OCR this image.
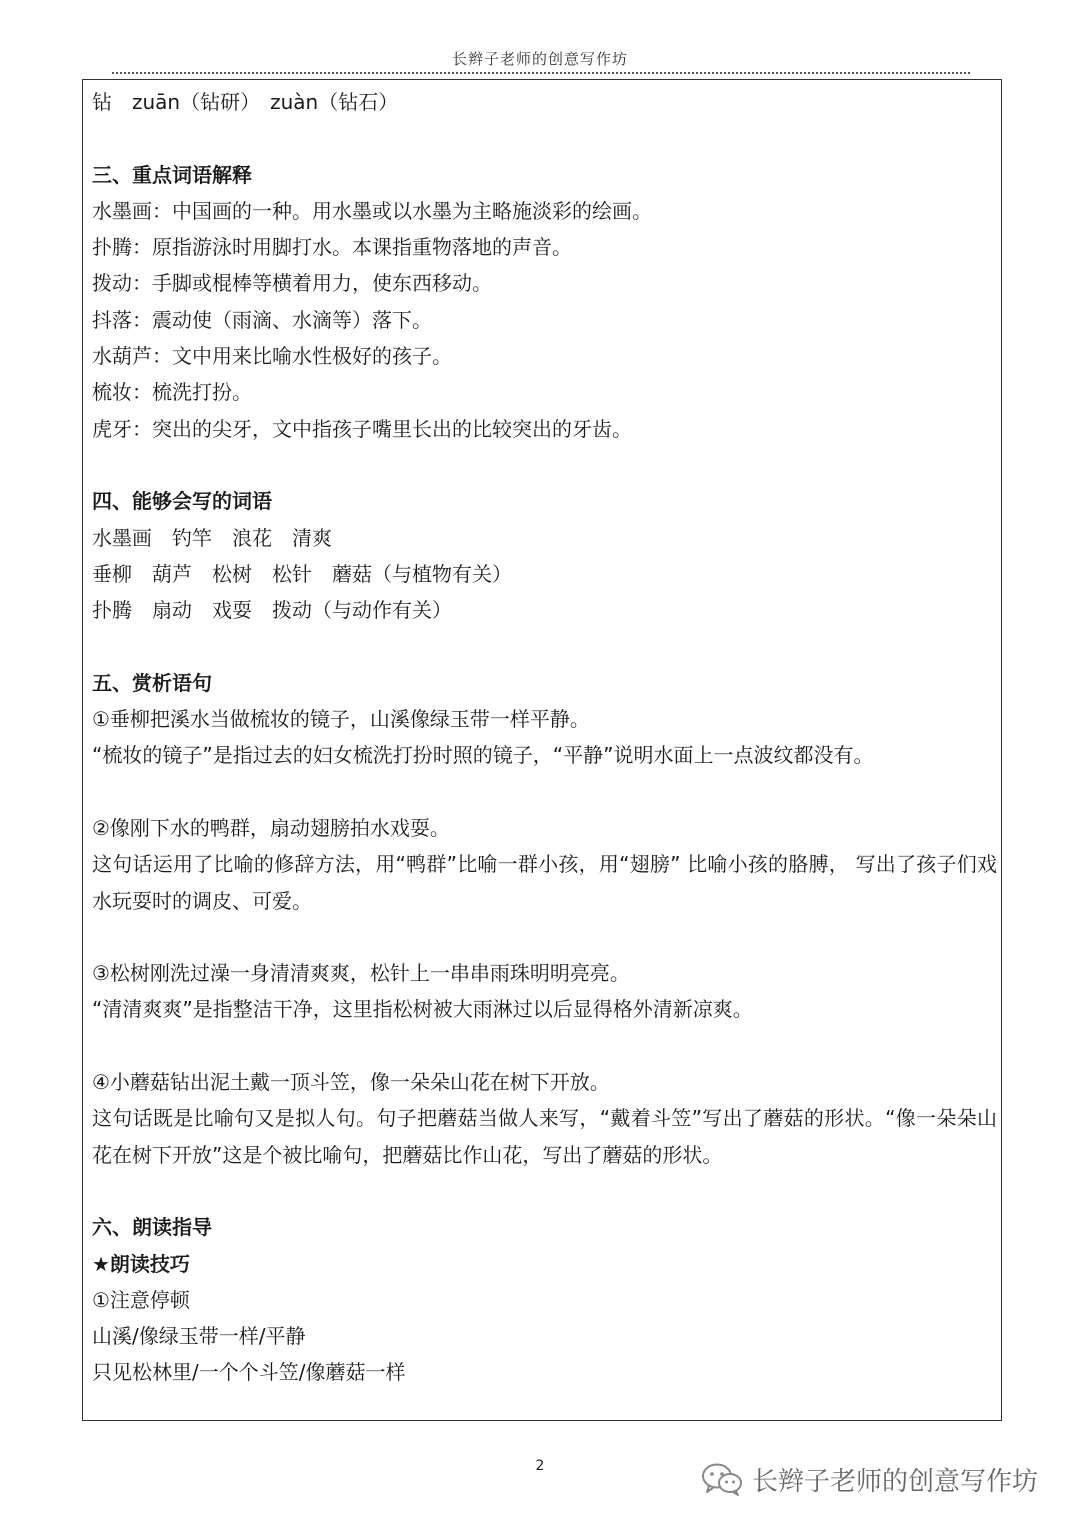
长辫子老师的创意写作坊
钻　zuān（钻研）　zuàn（钻石）
三、重点词语解释
水墨画：中国画的一种。用水墨或以水墨为主略施淡彩的绘画。
扑腾：原指游泳时用脚打水。本课指重物落地的声音。
拨动：手脚或棍棒等横着用力，使东西移动。
抖落：震动使（雨滴、水滴等）落下。
水葫芦：文中用来比喻水性极好的孩子。
梳妆：梳洗打扮。
虎牙：突出的尖牙，文中指孩子嘴里长出的比较突出的牙齿。
四、能够会写的词语
水墨画　钓竿　浪花　清爽
垂柳　葫芦　松树　松针　蘑菇（与植物有关）
扑腾　扇动　戏耍　拨动（与动作有关）
五、赏析语句
①垂柳把溪水当做梳妆的镜子，山溪像绿玉带一样平静。
“梳妆的镜子”是指过去的妇女梳洗打扮时照的镜子，“平静”说明水面上一点波纹都没有。
②像刚下水的鸭群，扇动翅膀拍水戏耍。
这句话运用了比喻的修辞方法，用“鸭群”比喻一群小孩，用“翅膀” 比喻小孩的胳膊， 写出了孩子们戏水玩耍时的调皮、可爱。
③松树刚洗过澡一身清清爽爽，松针上一串串雨珠明明亮亮。
“清清爽爽”是指整洁干净，这里指松树被大雨淋过以后显得格外清新凉爽。
④小蘑菇钻出泥土戴一顶斗笠，像一朵朵山花在树下开放。
这句话既是比喻句又是拟人句。句子把蘑菇当做人来写，“戴着斗笠”写出了蘑菇的形状。“像一朵朵山花在树下开放”这是个被比喻句，把蘑菇比作山花，写出了蘑菇的形状。
六、朗读指导
★朗读技巧
①注意停顿
山溪/像绿玉带一样/平静
只见松林里/一个个斗笠/像蘑菇一样
2
长辫子老师的创意写作坊
